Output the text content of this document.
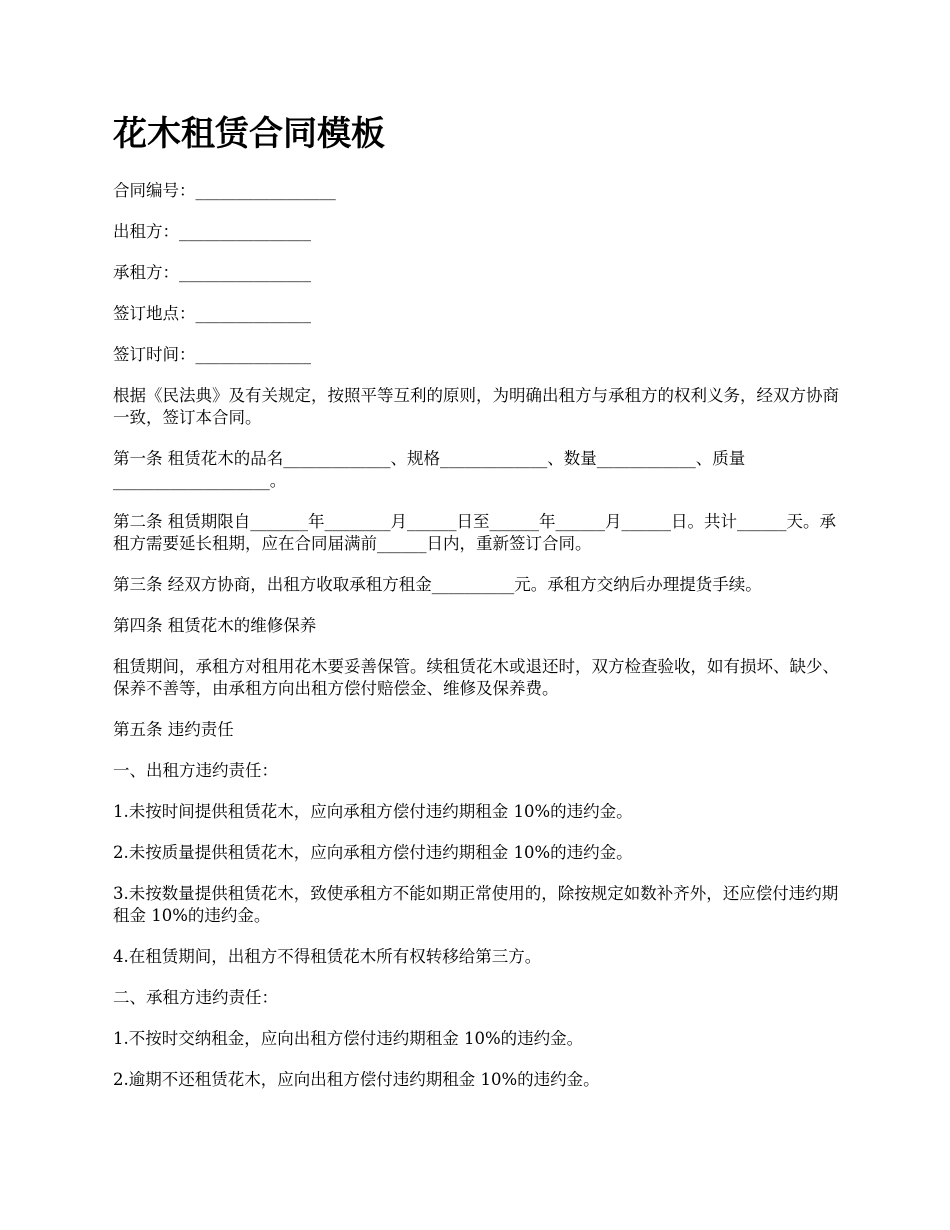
花木租赁合同模板

合同编号：_________________

出租方：________________

承租方：________________

签订地点：______________

签订时间：______________

根据《民法典》及有关规定，按照平等互利的原则，为明确出租方与承租方的权利义务，经双方协商一致，签订本合同。

第一条 租赁花木的品名_____________、规格_____________、数量____________、质量___________________。

第二条 租赁期限自_______年________月______日至______年______月______日。共计______天。承租方需要延长租期，应在合同届满前______日内，重新签订合同。

第三条 经双方协商，出租方收取承租方租金__________元。承租方交纳后办理提货手续。

第四条 租赁花木的维修保养

租赁期间，承租方对租用花木要妥善保管。续租赁花木或退还时，双方检查验收，如有损坏、缺少、保养不善等，由承租方向出租方偿付赔偿金、维修及保养费。

第五条 违约责任

一、出租方违约责任：

1.未按时间提供租赁花木，应向承租方偿付违约期租金 10%的违约金。

2.未按质量提供租赁花木，应向承租方偿付违约期租金 10%的违约金。

3.未按数量提供租赁花木，致使承租方不能如期正常使用的，除按规定如数补齐外，还应偿付违约期租金 10%的违约金。

4.在租赁期间，出租方不得租赁花木所有权转移给第三方。

二、承租方违约责任：

1.不按时交纳租金，应向出租方偿付违约期租金 10%的违约金。

2.逾期不还租赁花木，应向出租方偿付违约期租金 10%的违约金。
